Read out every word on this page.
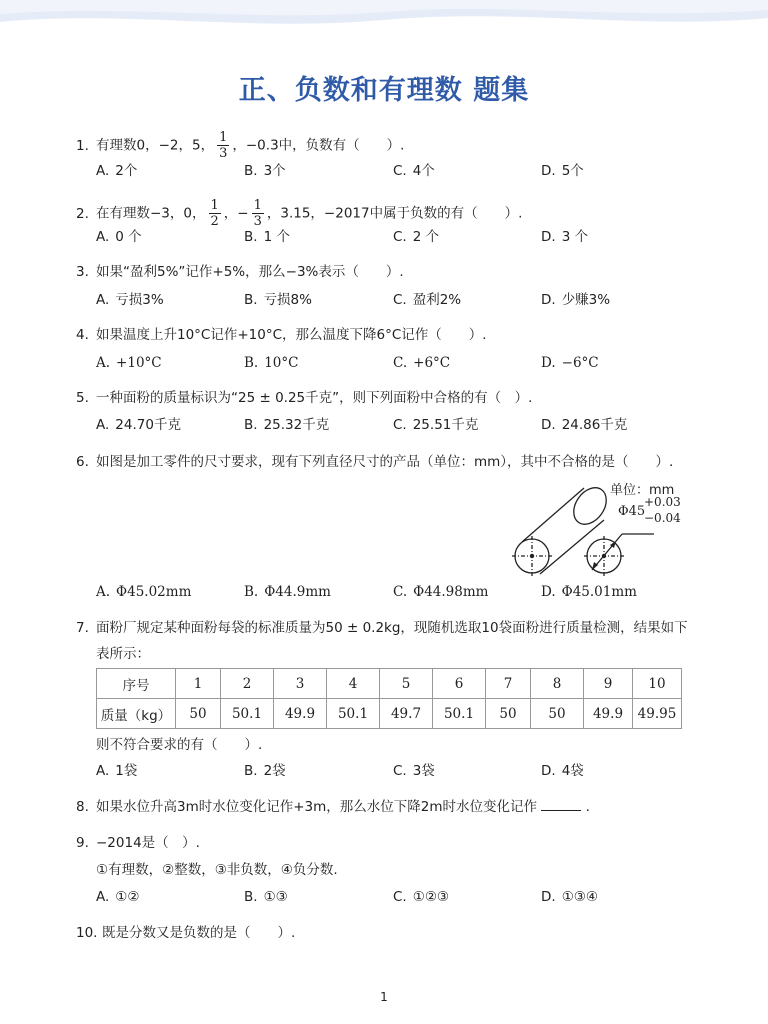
正、负数和有理数 题集
1. 有理数0，−2，5， $\frac{1}{3}$ ，−0.3中，负数有（　　）.
A. 2个	B. 3个	C. 4个	D. 5个
2. 在有理数−3，0， $\frac{1}{2}$ ，− $\frac{1}{3}$ ，3.15，−2017中属于负数的有（　　）.
A. 0 个	B. 1 个	C. 2 个	D. 3 个
3. 如果“盈利5%”记作+5%，那么−3%表示（　　）.
A. 亏损3%	B. 亏损8%	C. 盈利2%	D. 少赚3%
4. 如果温度上升10°C记作+10°C，那么温度下降6°C记作（　　）.
A. +10°C	B. 10°C	C. +6°C	D. −6°C
5. 一种面粉的质量标识为“25 ± 0.25千克”，则下列面粉中合格的有（　）.
A. 24.70千克	B. 25.32千克	C. 25.51千克	D. 24.86千克
6. 如图是加工零件的尺寸要求，现有下列直径尺寸的产品（单位：mm），其中不合格的是（　　）.
单位：mm
Φ45
+0.03
−0.04
A. Φ45.02mm	B. Φ44.9mm	C. Φ44.98mm	D. Φ45.01mm
7. 面粉厂规定某种面粉每袋的标准质量为50 ± 0.2kg，现随机选取10袋面粉进行质量检测，结果如下
表所示：
序号	1	2	3	4	5	6	7	8	9	10
质量（kg）	50	50.1	49.9	50.1	49.7	50.1	50	50	49.9	49.95
则不符合要求的有（　　）.
A. 1袋	B. 2袋	C. 3袋	D. 4袋
8. 如果水位升高3m时水位变化记作+3m，那么水位下降2m时水位变化记作	.
9. −2014是（　）.
①有理数，②整数，③非负数，④负分数.
A. ①②	B. ①③	C. ①②③	D. ①③④
10. 既是分数又是负数的是（　　）.
1
